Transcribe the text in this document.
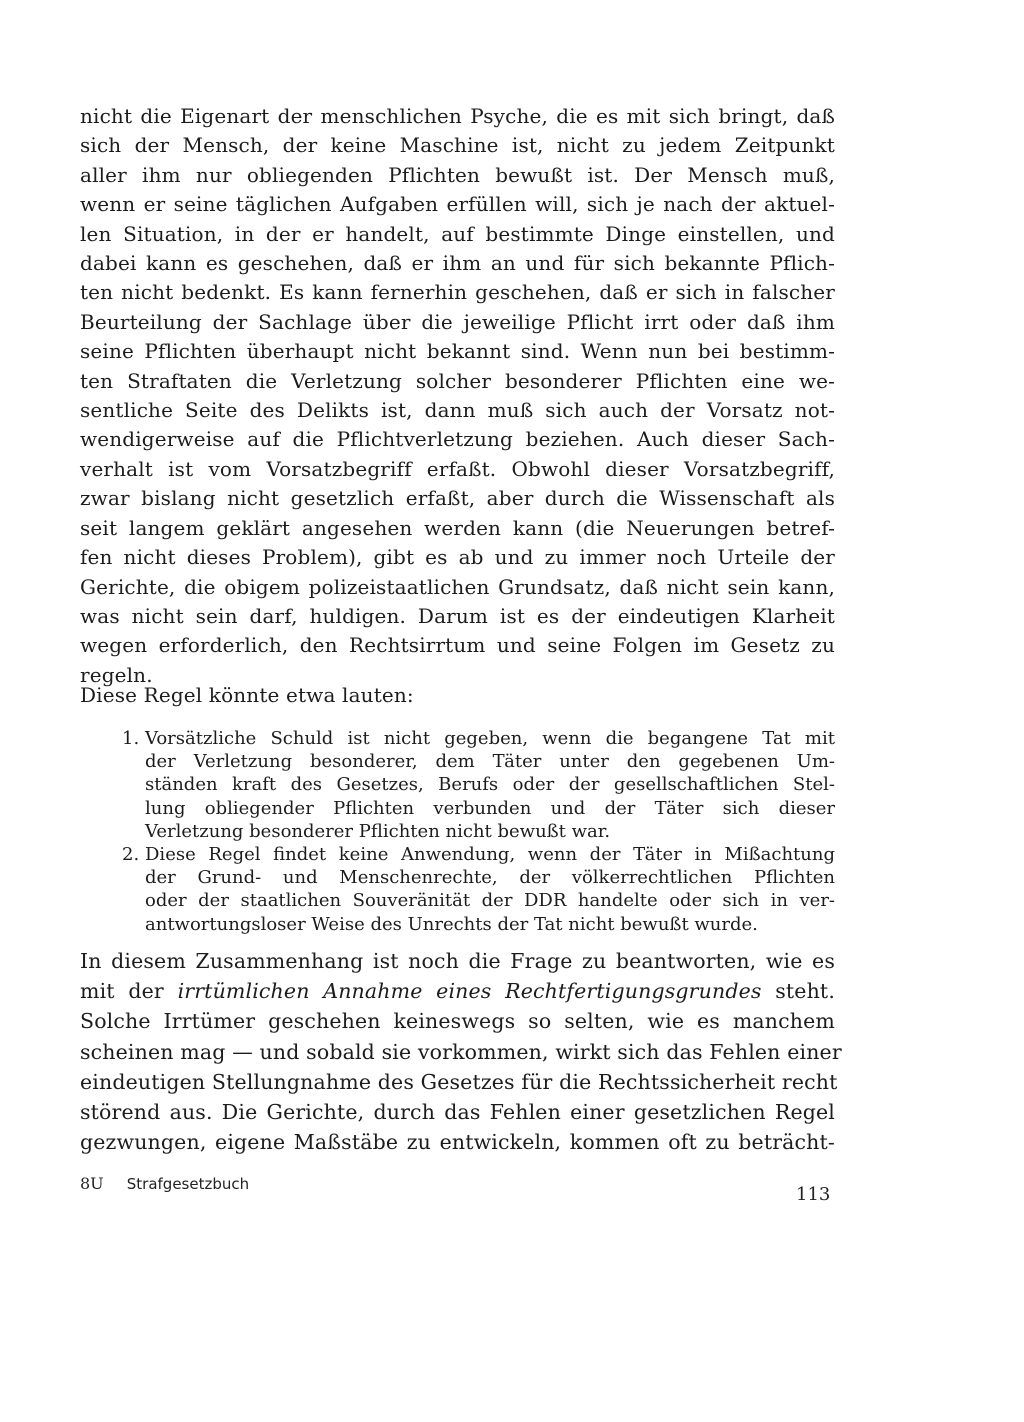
nicht die Eigenart der menschlichen Psyche, die es mit sich bringt, daß
sich der Mensch, der keine Maschine ist, nicht zu jedem Zeitpunkt
aller ihm nur obliegenden Pflichten bewußt ist. Der Mensch muß,
wenn er seine täglichen Aufgaben erfüllen will, sich je nach der aktuel-
len Situation, in der er handelt, auf bestimmte Dinge einstellen, und
dabei kann es geschehen, daß er ihm an und für sich bekannte Pflich-
ten nicht bedenkt. Es kann fernerhin geschehen, daß er sich in falscher
Beurteilung der Sachlage über die jeweilige Pflicht irrt oder daß ihm
seine Pflichten überhaupt nicht bekannt sind. Wenn nun bei bestimm-
ten Straftaten die Verletzung solcher besonderer Pflichten eine we-
sentliche Seite des Delikts ist, dann muß sich auch der Vorsatz not-
wendigerweise auf die Pflichtverletzung beziehen. Auch dieser Sach-
verhalt ist vom Vorsatzbegriff erfaßt. Obwohl dieser Vorsatzbegriff,
zwar bislang nicht gesetzlich erfaßt, aber durch die Wissenschaft als
seit langem geklärt angesehen werden kann (die Neuerungen betref-
fen nicht dieses Problem), gibt es ab und zu immer noch Urteile der
Gerichte, die obigem polizeistaatlichen Grundsatz, daß nicht sein kann,
was nicht sein darf, huldigen. Darum ist es der eindeutigen Klarheit
wegen erforderlich, den Rechtsirrtum und seine Folgen im Gesetz zu
regeln.
Diese Regel könnte etwa lauten:
1. Vorsätzliche Schuld ist nicht gegeben, wenn die begangene Tat mit
der Verletzung besonderer, dem Täter unter den gegebenen Um-
ständen kraft des Gesetzes, Berufs oder der gesellschaftlichen Stel-
lung obliegender Pflichten verbunden und der Täter sich dieser
Verletzung besonderer Pflichten nicht bewußt war.
2. Diese Regel findet keine Anwendung, wenn der Täter in Mißachtung
der Grund- und Menschenrechte, der völkerrechtlichen Pflichten
oder der staatlichen Souveränität der DDR handelte oder sich in ver-
antwortungsloser Weise des Unrechts der Tat nicht bewußt wurde.
In diesem Zusammenhang ist noch die Frage zu beantworten, wie es
mit der irrtümlichen Annahme eines Rechtfertigungsgrundes steht.
Solche Irrtümer geschehen keineswegs so selten, wie es manchem
scheinen mag — und sobald sie vorkommen, wirkt sich das Fehlen einer
eindeutigen Stellungnahme des Gesetzes für die Rechtssicherheit recht
störend aus. Die Gerichte, durch das Fehlen einer gesetzlichen Regel
gezwungen, eigene Maßstäbe zu entwickeln, kommen oft zu beträcht-
8U Strafgesetzbuch	113
